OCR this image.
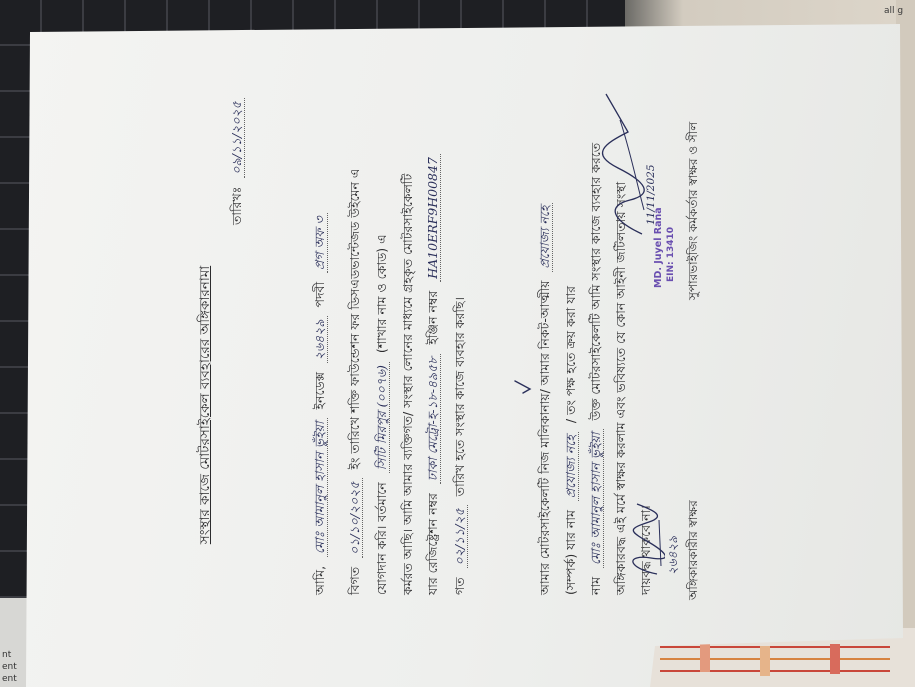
all g
nt
ent
ent
সংস্থার কাজে মোটরসাইকেল ব্যবহারের অঙ্গিকারনামা
তারিখঃ ০৯/১১/২০২৫
আমি, মোঃ আমানুল হাসান ভুঁইয়া ইনডেক্স ২৬৪২৯ পদবী প্রগ অফ ৩
বিগত ০১/১০/২০২৫ ইং তারিখে শক্তি ফাউন্ডেশন ফর ডিসএডভান্টেজড উইমেন এ
যোগদান করি। বর্তমানে সিটি মিরপুর (০০৭৬) (শাখার নাম ও কোড) এ কর্মরত আছি। আমি আমার ব্যক্তিগত/ সংস্থার লোনের মাধ্যমে গ্রহকৃত মোটরসাইকেলটি যার রেজিষ্ট্রেশন নম্বর ঢাকা মেট্রো-হ-১৮-৪৯৫৮ ইঞ্জিন নম্বর HA10ERF9H00847
গত ০২/১১/২৫ তারিখ হতে সংস্থার কাজে ব্যবহার করছি।	আমার মোটরসাইকেলটি নিজ মালিকানায়/ আমার নিকট-আত্মীয় প্রযোজ্য নহে
(সম্পর্ক) যার নাম প্রযোজ্য নহে / তং পক্ষ হতে ক্রয় করা যার
নাম মোঃ আমানুল হাসান ভুঁইয়া উক্ত মোটরসাইকেলটি আমি সংস্থার কাজে ব্যবহার করতে অঙ্গিকারবদ্ধ এই মর্মে স্বাক্ষর করলাম এবং ভবিষ্যতে যে কোন আইনী জটিলতায় সংস্থা দায়বদ্ধ থাকবে না। ২৬৪২৯ অঙ্গিকারকারীর স্বাক্ষর
11/11/2025
MD. Juyel Rana EIN: 13410 সুপারভাইজিং কর্মকর্তার স্বাক্ষর ও সীল
